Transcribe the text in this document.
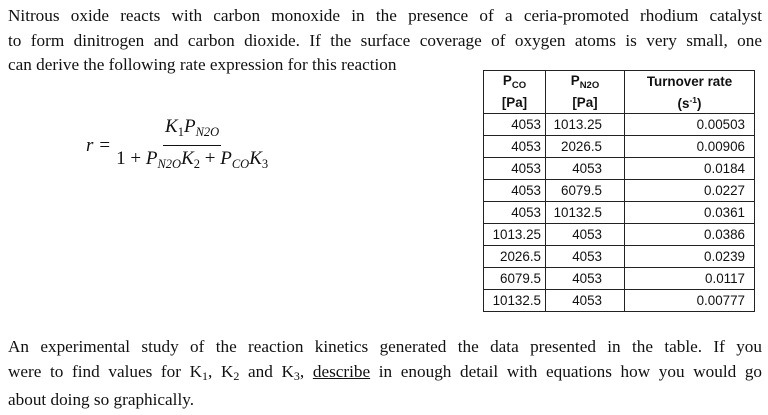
Nitrous oxide reacts with carbon monoxide in the presence of a ceria-promoted rhodium catalyst
to form dinitrogen and carbon dioxide. If the surface coverage of oxygen atoms is very small, one
can derive the following rate expression for this reaction
$r = \frac{K_1P_{N2O}}{1 + P_{N2O}K_2 + P_{CO}K_3}$
$P_{CO}$	$P_{N2O}$	Turnover rate
[Pa]	[Pa]	$(s^{-1})$
4053	1013.25	0.00503
4053	2026.5	0.00906
4053	4053	0.0184
4053	6079.5	0.0227
4053	10132.5	0.0361
1013.25	4053	0.0386
2026.5	4053	0.0239
6079.5	4053	0.0117
10132.5	4053	0.00777
An experimental study of the reaction kinetics generated the data presented in the table. If you
were to find values for K1, K2 and K3, describe in enough detail with equations how you would go
about doing so graphically.
